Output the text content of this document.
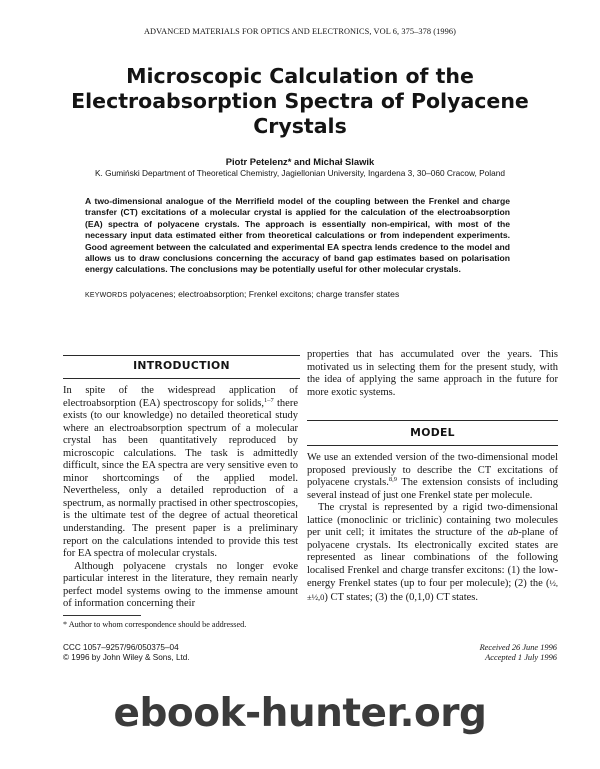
ADVANCED MATERIALS FOR OPTICS AND ELECTRONICS, VOL 6, 375–378 (1996)
Microscopic Calculation of the
Electroabsorption Spectra of Polyacene
Crystals
Piotr Petelenz* and Michał Slawik
K. Gumiński Department of Theoretical Chemistry, Jagiellonian University, Ingardena 3, 30–060 Cracow, Poland
A two-dimensional analogue of the Merrifield model of the coupling between the Frenkel and charge transfer (CT) excitations of a molecular crystal is applied for the calculation of the electroabsorption (EA) spectra of polyacene crystals. The approach is essentially non-empirical, with most of the necessary input data estimated either from theoretical calculations or from independent experiments. Good agreement between the calculated and experimental EA spectra lends credence to the model and allows us to draw conclusions concerning the accuracy of band gap estimates based on polarisation energy calculations. The conclusions may be potentially useful for other molecular crystals.
KEYWORDS polyacenes; electroabsorption; Frenkel excitons; charge transfer states
INTRODUCTION

In spite of the widespread application of electroabsorption (EA) spectroscopy for solids,$^{1-7}$ there exists (to our knowledge) no detailed theoretical study where an electroabsorption spectrum of a molecular crystal has been quantitatively reproduced by microscopic calculations. The task is admittedly difficult, since the EA spectra are very sensitive even to minor shortcomings of the applied model. Nevertheless, only a detailed reproduction of a spectrum, as normally practised in other spectroscopies, is the ultimate test of the degree of actual theoretical understanding. The present paper is a preliminary report on the calculations intended to provide this test for EA spectra of molecular crystals.

Although polyacene crystals no longer evoke particular interest in the literature, they remain nearly perfect model systems owing to the immense amount of information concerning their

* Author to whom correspondence should be addressed.
CCC 1057–9257/96/050375–04
© 1996 by John Wiley & Sons, Ltd.
properties that has accumulated over the years. This motivated us in selecting them for the present study, with the idea of applying the same approach in the future for more exotic systems.
MODEL

We use an extended version of the two-dimensional model proposed previously to describe the CT excitations of polyacene crystals.$^{8,9}$ The extension consists of including several instead of just one Frenkel state per molecule.

The crystal is represented by a rigid two-dimensional lattice (monoclinic or triclinic) containing two molecules per unit cell; it imitates the structure of the ab-plane of polyacene crystals. Its electronically excited states are represented as linear combinations of the following localised Frenkel and charge transfer excitons: (1) the low-energy Frenkel states (up to four per molecule); (2) the (½,±½,0) CT states; (3) the (0,1,0) CT states.

Received 26 June 1996
Accepted 1 July 1996
ebook-hunter.org
